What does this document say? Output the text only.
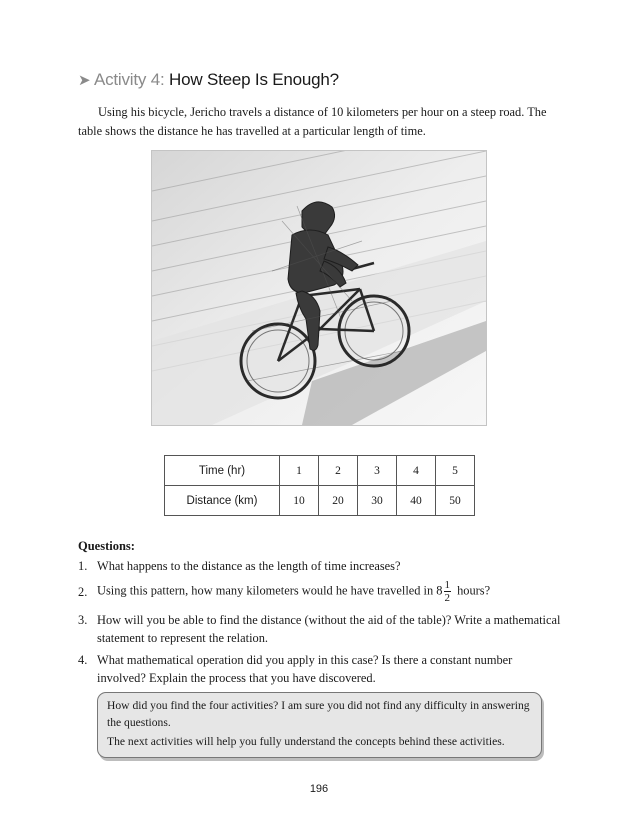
➤ Activity 4: How Steep Is Enough?

Using his bicycle, Jericho travels a distance of 10 kilometers per hour on a steep road. The table shows the distance he has travelled at a particular length of time.

Time (hr)	1	2	3	4	5
Distance (km)	10	20	30	40	50
Questions:
1. What happens to the distance as the length of time increases?
2. Using this pattern, how many kilometers would he have travelled in $8 \frac{1}{2}$ hours?
3. How will you be able to find the distance (without the aid of the table)? Write a mathematical statement to represent the relation.
4. What mathematical operation did you apply in this case? Is there a constant number involved? Explain the process that you have discovered.

How did you find the four activities? I am sure you did not find any difficulty in answering the questions.

The next activities will help you fully understand the concepts behind these activities.

196
